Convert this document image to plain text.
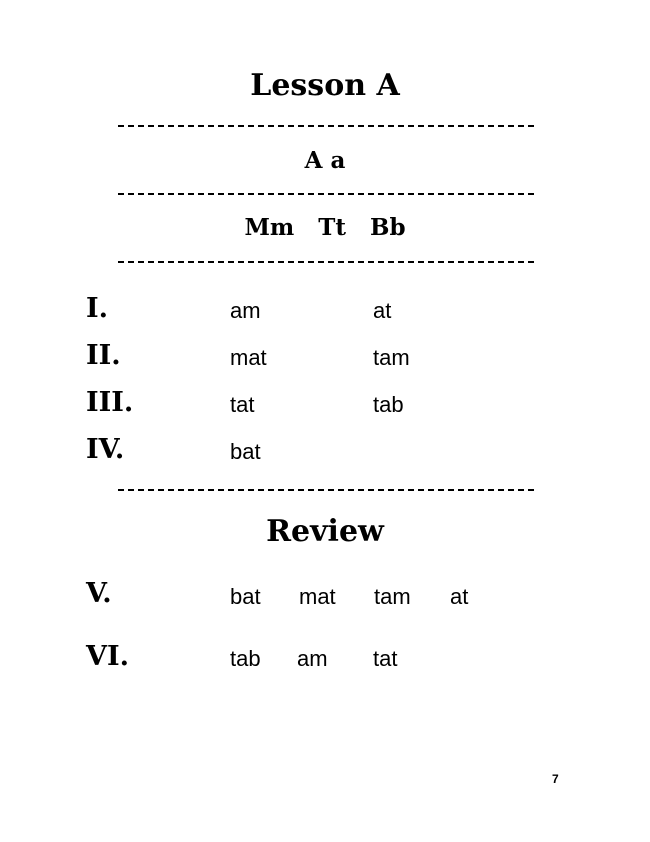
Lesson A
A a
Mm   Tt   Bb
I.	am	at
II.	mat	tam
III.	tat	tab
IV.	bat
Review
V.	bat mat tam at
VI.	tab am tat
7
